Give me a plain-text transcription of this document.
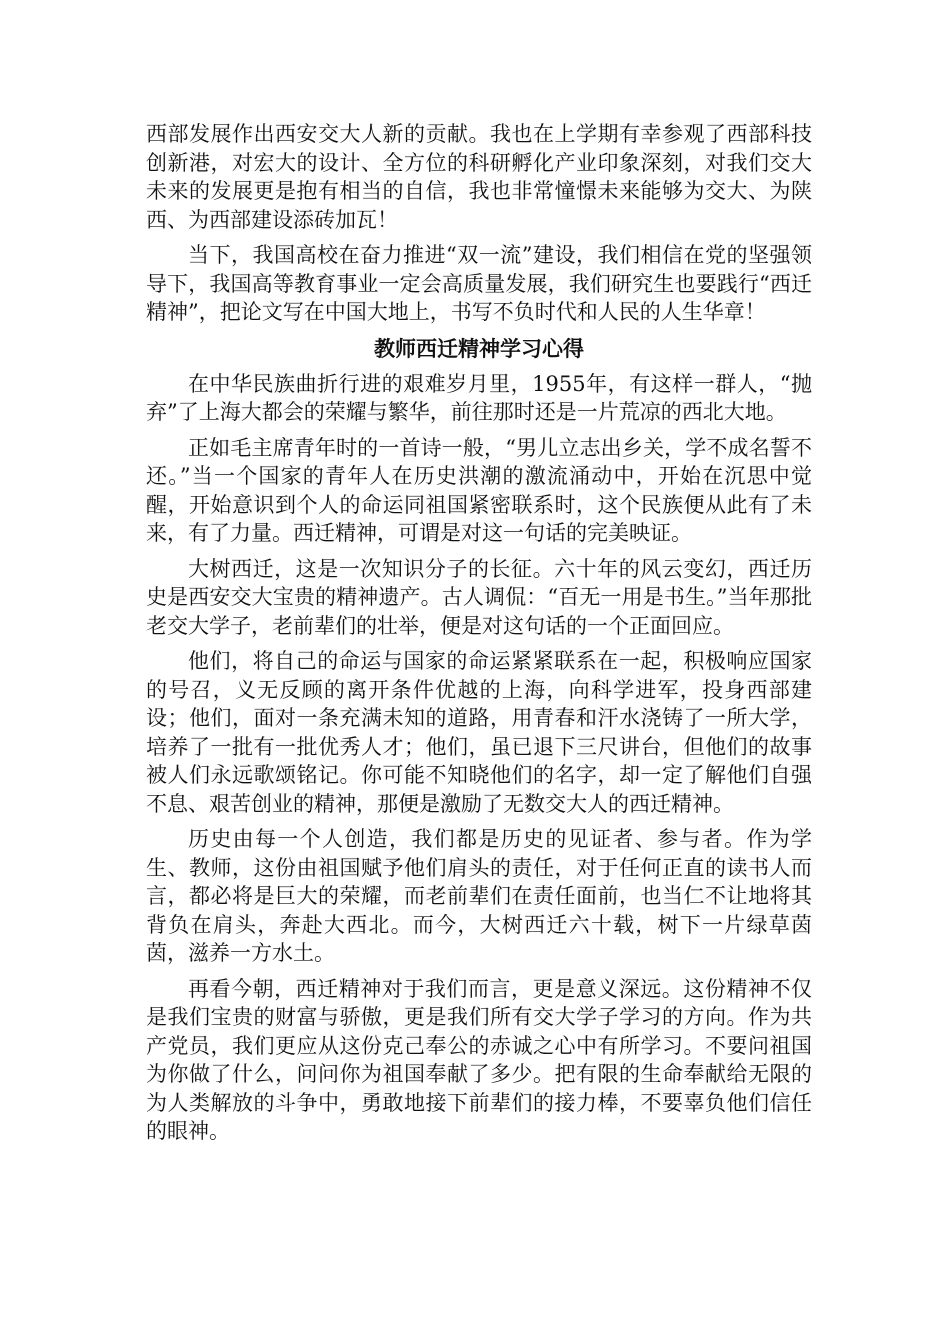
西部发展作出西安交大人新的贡献。我也在上学期有幸参观了西部科技创新港，对宏大的设计、全方位的科研孵化产业印象深刻，对我们交大未来的发展更是抱有相当的自信，我也非常憧憬未来能够为交大、为陕西、为西部建设添砖加瓦！

当下，我国高校在奋力推进“双一流”建设，我们相信在党的坚强领导下，我国高等教育事业一定会高质量发展，我们研究生也要践行“西迁精神”，把论文写在中国大地上，书写不负时代和人民的人生华章！

教师西迁精神学习心得

在中华民族曲折行进的艰难岁月里，1955年，有这样一群人，“抛弃”了上海大都会的荣耀与繁华，前往那时还是一片荒凉的西北大地。

正如毛主席青年时的一首诗一般，“男儿立志出乡关，学不成名誓不还。”当一个国家的青年人在历史洪潮的激流涌动中，开始在沉思中觉醒，开始意识到个人的命运同祖国紧密联系时，这个民族便从此有了未来，有了力量。西迁精神，可谓是对这一句话的完美映证。

大树西迁，这是一次知识分子的长征。六十年的风云变幻，西迁历史是西安交大宝贵的精神遗产。古人调侃：“百无一用是书生。”当年那批老交大学子，老前辈们的壮举，便是对这句话的一个正面回应。

他们，将自己的命运与国家的命运紧紧联系在一起，积极响应国家的号召，义无反顾的离开条件优越的上海，向科学进军，投身西部建设；他们，面对一条充满未知的道路，用青春和汗水浇铸了一所大学，培养了一批有一批优秀人才；他们，虽已退下三尺讲台，但他们的故事被人们永远歌颂铭记。你可能不知晓他们的名字，却一定了解他们自强不息、艰苦创业的精神，那便是激励了无数交大人的西迁精神。

历史由每一个人创造，我们都是历史的见证者、参与者。作为学生、教师，这份由祖国赋予他们肩头的责任，对于任何正直的读书人而言，都必将是巨大的荣耀，而老前辈们在责任面前，也当仁不让地将其背负在肩头，奔赴大西北。而今，大树西迁六十载，树下一片绿草茵茵，滋养一方水土。

再看今朝，西迁精神对于我们而言，更是意义深远。这份精神不仅是我们宝贵的财富与骄傲，更是我们所有交大学子学习的方向。作为共产党员，我们更应从这份克己奉公的赤诚之心中有所学习。不要问祖国为你做了什么，问问你为祖国奉献了多少。把有限的生命奉献给无限的为人类解放的斗争中，勇敢地接下前辈们的接力棒，不要辜负他们信任的眼神。
